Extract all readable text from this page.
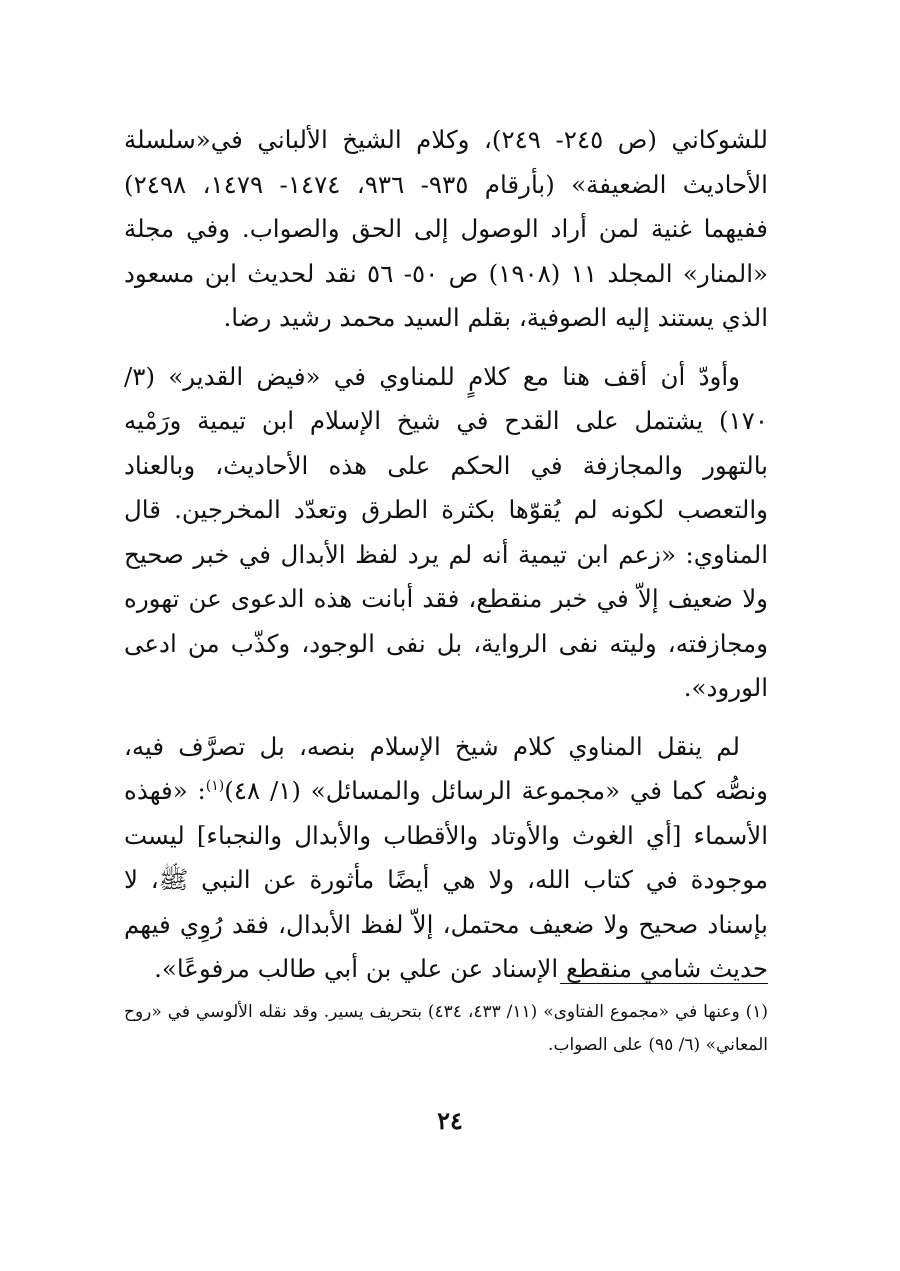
للشوكاني (ص ٢٤٥- ٢٤٩)، وكلام الشيخ الألباني في«سلسلة الأحاديث الضعيفة» (بأرقام ٩٣٥- ٩٣٦، ١٤٧٤- ١٤٧٩، ٢٤٩٨) ففيهما غنية لمن أراد الوصول إلى الحق والصواب. وفي مجلة «المنار» المجلد ١١ (١٩٠٨) ص ٥٠- ٥٦ نقد لحديث ابن مسعود الذي يستند إليه الصوفية، بقلم السيد محمد رشيد رضا.

وأودّ أن أقف هنا مع كلامٍ للمناوي في «فيض القدير» (٣/ ١٧٠) يشتمل على القدح في شيخ الإسلام ابن تيمية ورَمْيه بالتهور والمجازفة في الحكم على هذه الأحاديث، وبالعناد والتعصب لكونه لم يُقوّها بكثرة الطرق وتعدّد المخرجين. قال المناوي: «زعم ابن تيمية أنه لم يرد لفظ الأبدال في خبر صحيح ولا ضعيف إلاّ في خبر منقطع، فقد أبانت هذه الدعوى عن تهوره ومجازفته، وليته نفى الرواية، بل نفى الوجود، وكذّب من ادعى الورود».

لم ينقل المناوي كلام شيخ الإسلام بنصه، بل تصرَّف فيه، ونصُّه كما في «مجموعة الرسائل والمسائل» (١/ ٤٨)$^{(١)}$: «فهذه الأسماء [أي الغوث والأوتاد والأقطاب والأبدال والنجباء] ليست موجودة في كتاب الله، ولا هي أيضًا مأثورة عن النبي ﷺ، لا بإسناد صحيح ولا ضعيف محتمل، إلاّ لفظ الأبدال، فقد رُوِي فيهم حديث شامي منقطع الإسناد عن علي بن أبي طالب مرفوعًا».

(١) وعنها في «مجموع الفتاوى» (١١/ ٤٣٣، ٤٣٤) بتحريف يسير. وقد نقله الألوسي في «روح المعاني» (٦/ ٩٥) على الصواب.

٢٤
